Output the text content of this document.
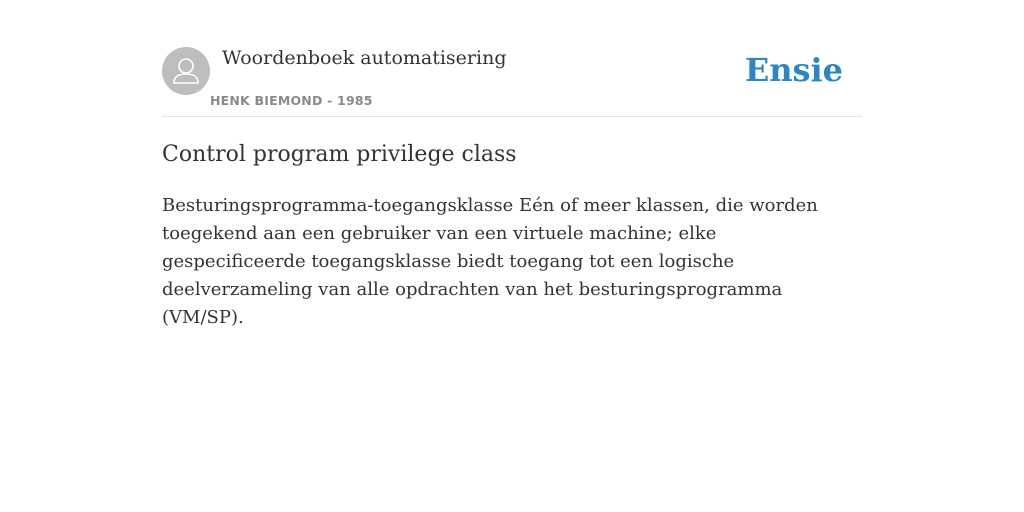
Woordenboek automatisering
HENK BIEMOND - 1985
Ensie
Control program privilege class

Besturingsprogramma-toegangsklasse Eén of meer klassen, die worden toegekend aan een gebruiker van een virtuele machine; elke gespecificeerde toegangsklasse biedt toegang tot een logische deelverzameling van alle opdrachten van het besturingsprogramma (VM/SP).
